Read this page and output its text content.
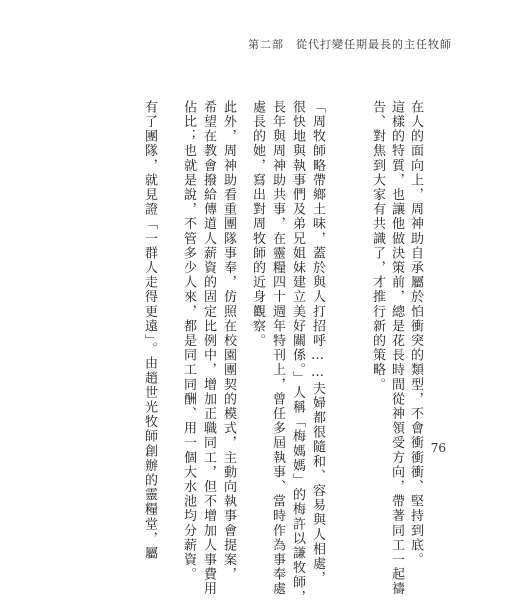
第二部　從代打變任期最長的主任牧師
在人的面向上，周神助自承屬於怕衝突的類型，不會衝衝衝、堅持到底。
這樣的特質，也讓他做決策前，總是花長時間從神領受方向，帶著同工一起禱
告、對焦到大家有共識了，才推行新的策略。
「周牧師略帶鄉土味，蓋於與人打招呼……夫婦都很隨和、容易與人相處，
很快地與執事們及弟兄姐妹建立美好關係。」人稱「梅媽媽」的梅許以謙牧師，
長年與周神助共事，在靈糧四十週年特刊上，曾任多屆執事、當時作為事奉處
處長的她，寫出對周牧師的近身觀察。
此外，周神助看重團隊事奉，仿照在校園團契的模式，主動向執事會提案，
希望在教會撥給傳道人薪資的固定比例中，增加正職同工，但不增加人事費用
佔比；也就是說，不管多少人來，都是同工同酬、用一個大水池均分薪資。
有了團隊，就見證「一群人走得更遠」。由趙世光牧師創辦的靈糧堂，屬	76
